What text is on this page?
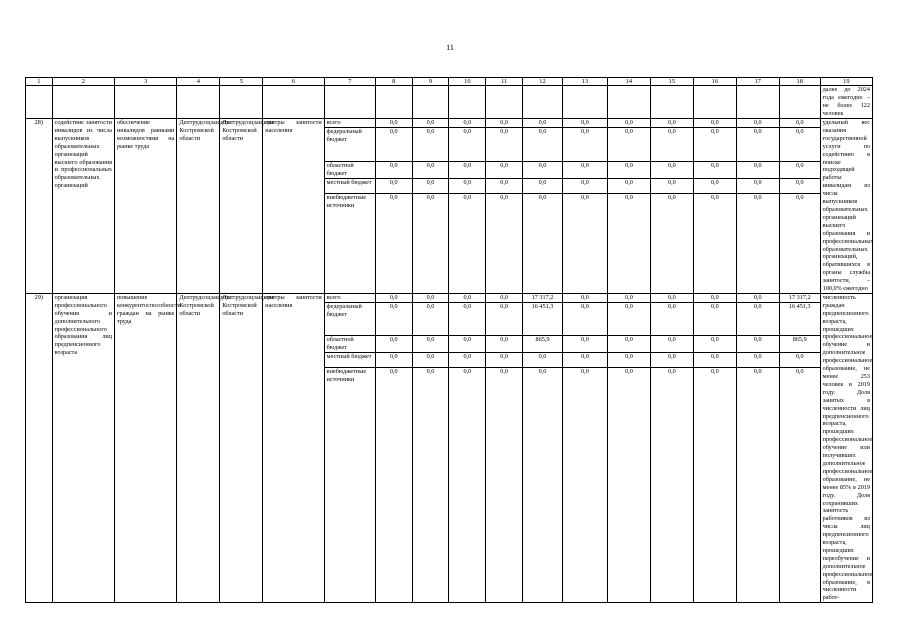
11
1	2	3	4	5	6	7	8	9	10	11	12	13	14	15	16	17	18	19
																		далее до 2024 года ежегодно – не более 122 человек
28)	содействие занятости инвалидов из числа выпускников образовательных организаций высшего образования и профессиональных образовательных организаций	обеспечение инвалидов равными возможностями на рынке труда	Дептрудсоцзащиты Костромской области	Дептрудсоцзащиты Костромской области	центры занятости населения	всего	0,0	0,0	0,0	0,0	0,0	0,0	0,0	0,0	0,0	0,0	0,0	удельный вес оказания государственной услуги по содействию в поиске подходящей работы инвалидам из числа выпускников образовательных организаций высшего образования и профессиональных образовательных организаций, обратившихся в органы службы занятости, – 100,0% ежегодно
						федеральный бюджет	0,0	0,0	0,0	0,0	0,0	0,0	0,0	0,0	0,0	0,0	0,0	
						областной бюджет	0,0	0,0	0,0	0,0	0,0	0,0	0,0	0,0	0,0	0,0	0,0	
						местный бюджет	0,0	0,0	0,0	0,0	0,0	0,0	0,0	0,0	0,0	0,0	0,0	
						внебюджетные источники	0,0	0,0	0,0	0,0	0,0	0,0	0,0	0,0	0,0	0,0	0,0	
29)	организация профессионального обучения и дополнительного профессионального образования лиц предпенсионного возраста	повышение конкурентоспособности граждан на рынке труда	Дептрудсоцзащиты Костромской области	Дептрудсоцзащиты Костромской области	центры занятости населения	всего	0,0	0,0	0,0	0,0	17 317,2	0,0	0,0	0,0	0,0	0,0	17 317,2	численность граждан предпенсионного возраста, прошедших профессиональное обучение и дополнительное профессиональное образование, не менее 253 человек в 2019 году. Доля занятых в численности лиц предпенсионного возраста, прошедших профессиональное обучение или получивших дополнительное профессиональное образование, не менее 85% в 2019 году. Доля сохранивших занятость работников из числа лиц предпенсионного возраста, прошедших переобучение и дополнительное профессиональное образование, в численности работ-
						федеральный бюджет	0,0	0,0	0,0	0,0	16 451,3	0,0	0,0	0,0	0,0	0,0	16 451,3	
						областной бюджет	0,0	0,0	0,0	0,0	865,9	0,0	0,0	0,0	0,0	0,0	865,9	
						местный бюджет	0,0	0,0	0,0	0,0	0,0	0,0	0,0	0,0	0,0	0,0	0,0	
						внебюджетные источники	0,0	0,0	0,0	0,0	0,0	0,0	0,0	0,0	0,0	0,0	0,0	
